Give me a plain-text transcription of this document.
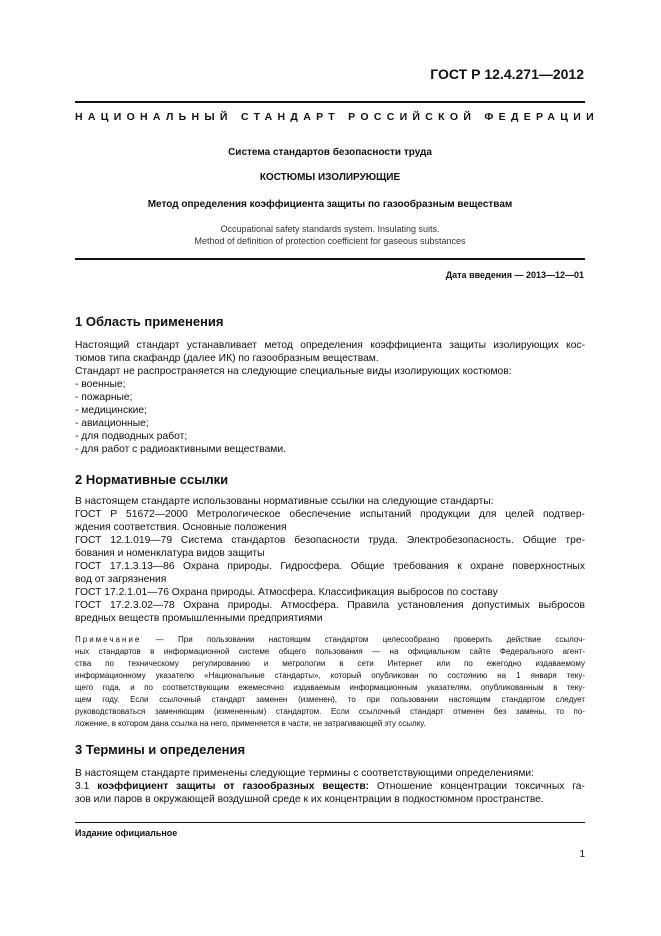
ГОСТ Р 12.4.271—2012
НАЦИОНАЛЬНЫЙ СТАНДАРТ РОССИЙСКОЙ ФЕДЕРАЦИИ
Система стандартов безопасности труда
КОСТЮМЫ ИЗОЛИРУЮЩИЕ
Метод определения коэффициента защиты по газообразным веществам
Occupational safety standards system. Insulating suits.
Method of definition of protection coefficient for gaseous substances
Дата введения — 2013—12—01
1 Область применения
Настоящий стандарт устанавливает метод определения коэффициента защиты изолирующих кос-
тюмов типа скафандр (далее ИК) по газообразным веществам.
Стандарт не распространяется на следующие специальные виды изолирующих костюмов:
- военные;
- пожарные;
- медицинские;
- авиационные;
- для подводных работ;
- для работ с радиоактивными веществами.
2 Нормативные ссылки
В настоящем стандарте использованы нормативные ссылки на следующие стандарты:
ГОСТ Р 51672—2000 Метрологическое обеспечение испытаний продукции для целей подтвер-
ждения соответствия. Основные положения
ГОСТ 12.1.019—79 Система стандартов безопасности труда. Электробезопасность. Общие тре-
бования и номенклатура видов защиты
ГОСТ 17.1.3.13—86 Охрана природы. Гидросфера. Общие требования к охране поверхностных
вод от загрязнения
ГОСТ 17.2.1.01—76 Охрана природы. Атмосфера. Классификация выбросов по составу
ГОСТ 17.2.3.02—78 Охрана природы. Атмосфера. Правила установления допустимых выбросов
вредных веществ промышленными предприятиями
Примечание — При пользовании настоящим стандартом целесообразно проверить действие ссылоч-
ных стандартов в информационной системе общего пользования — на официальном сайте Федерального агент-
ства по техническому регулированию и метрологии в сети Интернет или по ежегодно издаваемому
информационному указателю «Национальные стандарты», который опубликован по состоянию на 1 января теку-
щего года, и по соответствующим ежемесячно издаваемым информационным указателям, опубликованным в теку-
щем году. Если ссылочный стандарт заменен (изменен), то при пользовании настоящим стандартом следует
руководствоваться заменяющим (измененным) стандартом. Если ссылочный стандарт отменен без замены, то по-
ложение, в котором дана ссылка на него, применяется в части, не затрагивающей эту ссылку.
3 Термины и определения
В настоящем стандарте применены следующие термины с соответствующими определениями:
3.1 коэффициент защиты от газообразных веществ: Отношение концентрации токсичных га-
зов или паров в окружающей воздушной среде к их концентрации в подкостюмном пространстве.
Издание официальное
1
